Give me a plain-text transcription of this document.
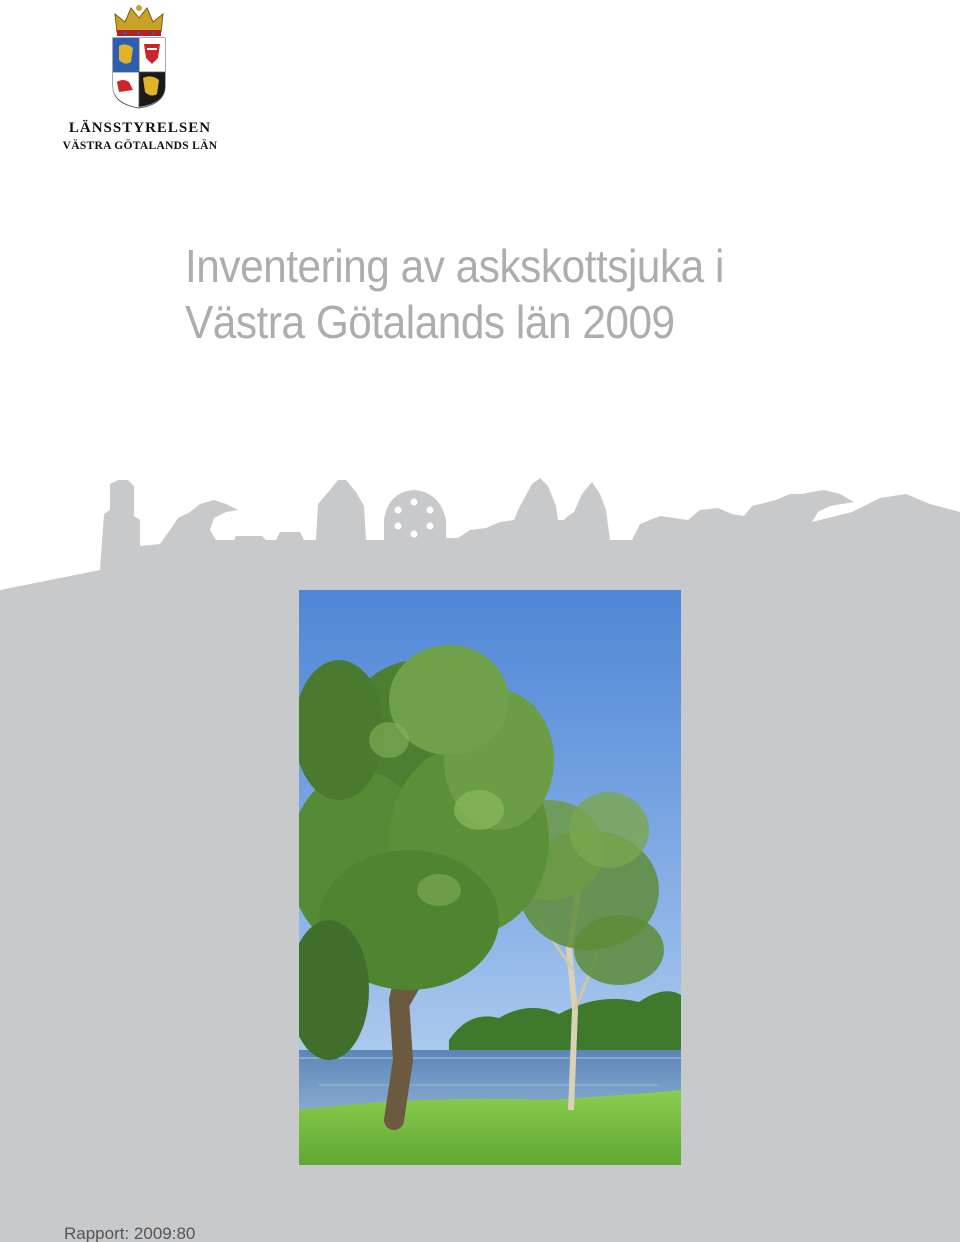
LÄNSSTYRELSEN
VÄSTRA GÖTALANDS LÄN
Inventering av askskottsjuka i
Västra Götalands län 2009
Rapport: 2009:80
